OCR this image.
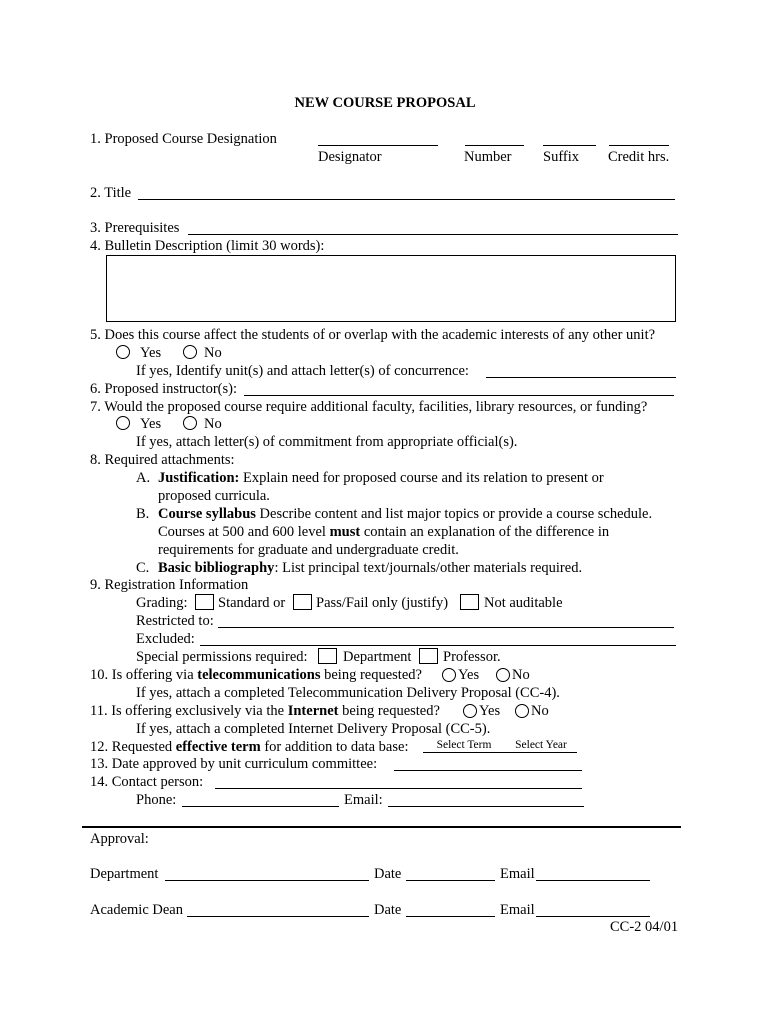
NEW COURSE PROPOSAL
1. Proposed Course Designation
Designator	Number Suffix Credit hrs.
2. Title
3. Prerequisites
4. Bulletin Description (limit 30 words):
5. Does this course affect the students of or overlap with the academic interests of any other unit?
Yes	No
If yes, Identify unit(s) and attach letter(s) of concurrence:
6. Proposed instructor(s):
7. Would the proposed course require additional faculty, facilities, library resources, or funding?
Yes	No
If yes, attach letter(s) of commitment from appropriate official(s).
8. Required attachments:
A. Justification: Explain need for proposed course and its relation to present or
proposed curricula.
B. Course syllabus Describe content and list major topics or provide a course schedule.
Courses at 500 and 600 level must contain an explanation of the difference in
requirements for graduate and undergraduate credit.
C. Basic bibliography: List principal text/journals/other materials required.
9. Registration Information
Grading: Standard or Pass/Fail only (justify) Not auditable
Restricted to:
Excluded:
Special permissions required: Department Professor.
10. Is offering via telecommunications being requested? Yes No
If yes, attach a completed Telecommunication Delivery Proposal (CC-4).
11. Is offering exclusively via the Internet being requested?	Yes No
If yes, attach a completed Internet Delivery Proposal (CC-5).
12. Requested effective term for addition to data base:	Select Term	Select Year
13. Date approved by unit curriculum committee:
14. Contact person:
Phone:	Email:
Approval:
Department	Date	Email
Academic Dean	Date	Email
CC-2 04/01
